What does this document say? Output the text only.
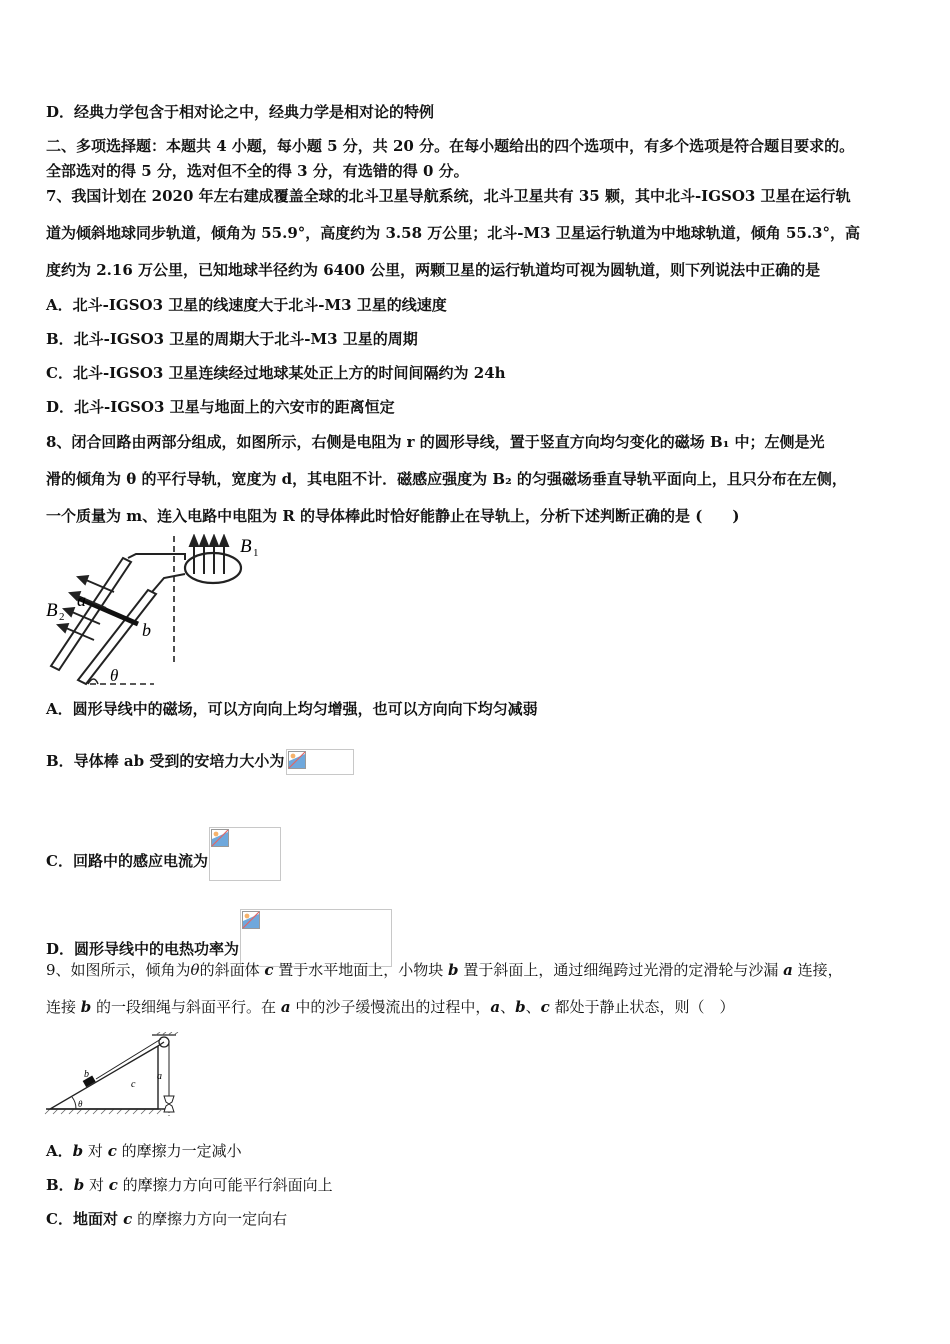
D．经典力学包含于相对论之中，经典力学是相对论的特例
二、多项选择题：本题共 4 小题，每小题 5 分，共 20 分。在每小题给出的四个选项中，有多个选项是符合题目要求的。
全部选对的得 5 分，选对但不全的得 3 分，有选错的得 0 分。
7、我国计划在 2020 年左右建成覆盖全球的北斗卫星导航系统，北斗卫星共有 35 颗，其中北斗-IGSO3 卫星在运行轨
道为倾斜地球同步轨道，倾角为 55.9°，高度约为 3.58 万公里；北斗-M3 卫星运行轨道为中地球轨道，倾角 55.3°，高
度约为 2.16 万公里，已知地球半径约为 6400 公里，两颗卫星的运行轨道均可视为圆轨道，则下列说法中正确的是
A．北斗-IGSO3 卫星的线速度大于北斗-M3 卫星的线速度
B．北斗-IGSO3 卫星的周期大于北斗-M3 卫星的周期
C．北斗-IGSO3 卫星连续经过地球某处正上方的时间间隔约为 24h
D．北斗-IGSO3 卫星与地面上的六安市的距离恒定
8、闭合回路由两部分组成，如图所示，右侧是电阻为 r 的圆形导线，置于竖直方向均匀变化的磁场 B₁ 中；左侧是光
滑的倾角为 θ 的平行导轨，宽度为 d，其电阻不计．磁感应强度为 B₂ 的匀强磁场垂直导轨平面向上，且只分布在左侧，
一个质量为 m、连入电路中电阻为 R 的导体棒此时恰好能静止在导轨上，分析下述判断正确的是 (　　)
B 1
B 2
a
b
θ
A．圆形导线中的磁场，可以方向向上均匀增强，也可以方向向下均匀减弱
B．导体棒 ab 受到的安培力大小为
C．回路中的感应电流为
D．圆形导线中的电热功率为
9、如图所示，倾角为θ的斜面体 c 置于水平地面上，小物块 b 置于斜面上，通过细绳跨过光滑的定滑轮与沙漏 a 连接，
连接 b 的一段细绳与斜面平行。在 a 中的沙子缓慢流出的过程中，a、b、c 都处于静止状态，则（　）
b
c
a
θ
A．b 对 c 的摩擦力一定减小
B．b 对 c 的摩擦力方向可能平行斜面向上
C．地面对 c 的摩擦力方向一定向右
